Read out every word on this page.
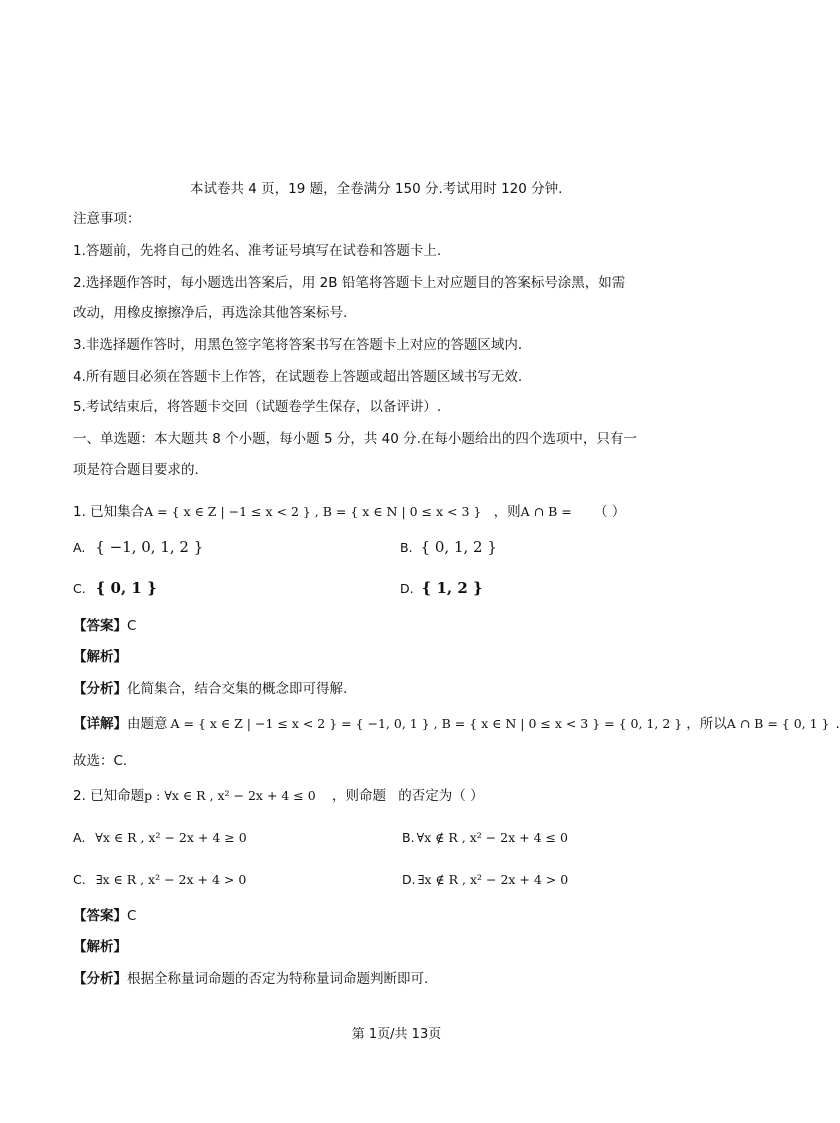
本试卷共 4 页，19 题，全卷满分 150 分.考试用时 120 分钟.
注意事项：
1.答题前，先将自己的姓名、准考证号填写在试卷和答题卡上.
2.选择题作答时，每小题选出答案后，用 2B 铅笔将答题卡上对应题目的答案标号涂黑，如需
改动，用橡皮擦擦净后，再选涂其他答案标号.
3.非选择题作答时，用黑色签字笔将答案书写在答题卡上对应的答题区域内.
4.所有题目必须在答题卡上作答，在试题卷上答题或超出答题区域书写无效.
5.考试结束后，将答题卡交回（试题卷学生保存，以备评讲）.
一、单选题：本大题共 8 个小题，每小题 5 分，共 40 分.在每小题给出的四个选项中，只有一
项是符合题目要求的.
1. 已知集合A = { x ∈ Z | −1 ≤ x < 2 } , B = { x ∈ N | 0 ≤ x < 3 } ，则A ∩ B = （ ）
A. { −1, 0, 1, 2 }	B. { 0, 1, 2 }
C. { 0, 1 }	D. { 1, 2 }
【答案】C
【解析】
【分析】化简集合，结合交集的概念即可得解.
【详解】由题意 A = { x ∈ Z | −1 ≤ x < 2 } = { −1, 0, 1 } , B = { x ∈ N | 0 ≤ x < 3 } = { 0, 1, 2 } ，所以A ∩ B = { 0, 1 } .
故选：C.
2. 已知命题p : ∀x ∈ R , x² − 2x + 4 ≤ 0 ，则命题 的否定为（ ）
A. ∀x ∈ R , x² − 2x + 4 ≥ 0	B. ∀x ∉ R , x² − 2x + 4 ≤ 0
C. ∃x ∈ R , x² − 2x + 4 > 0	D. ∃x ∉ R , x² − 2x + 4 > 0
【答案】C
【解析】
【分析】根据全称量词命题的否定为特称量词命题判断即可.
第 1页/共 13页
